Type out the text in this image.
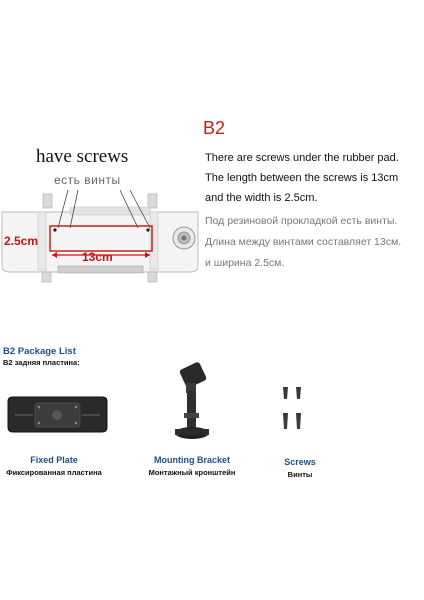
B2
have screws
есть винты
There are screws under the rubber pad.
The length between the screws is 13cm
and the width is 2.5cm.
Под резиновой прокладкой есть винты.
Длина между винтами составляет 13см.
и ширина 2.5см.
2.5cm
13cm
B2 Package List
B2 задняя пластина:
Fixed Plate
Фиксированная пластина
Mounting Bracket
Монтажный кронштейн
Screws
Винты
